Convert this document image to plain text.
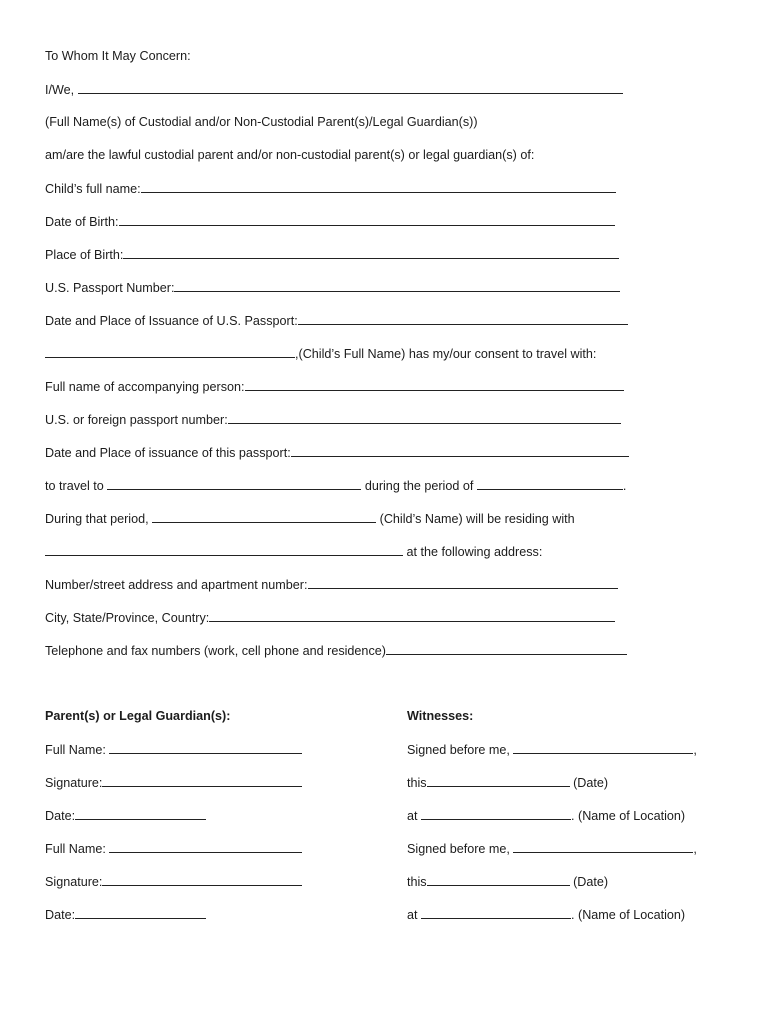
To Whom It May Concern:
I/We,
(Full Name(s) of Custodial and/or Non-Custodial Parent(s)/Legal Guardian(s))
am/are the lawful custodial parent and/or non-custodial parent(s) or legal guardian(s) of:
Child’s full name:
Date of Birth:
Place of Birth:
U.S. Passport Number:
Date and Place of Issuance of U.S. Passport:
,(Child’s Full Name) has my/our consent to travel with:
Full name of accompanying person:
U.S. or foreign passport number:
Date and Place of issuance of this passport:
to travel to	during the period of	.
During that period,	(Child’s Name) will be residing with
at the following address:
Number/street address and apartment number:
City, State/Province, Country:
Telephone and fax numbers (work, cell phone and residence)
Parent(s) or Legal Guardian(s):	Witnesses:
Full Name:	Signed before me,	,
Signature:	this	(Date)
Date:	at	. (Name of Location)
Full Name:	Signed before me,	,
Signature:	this	(Date)
Date:	at	. (Name of Location)
